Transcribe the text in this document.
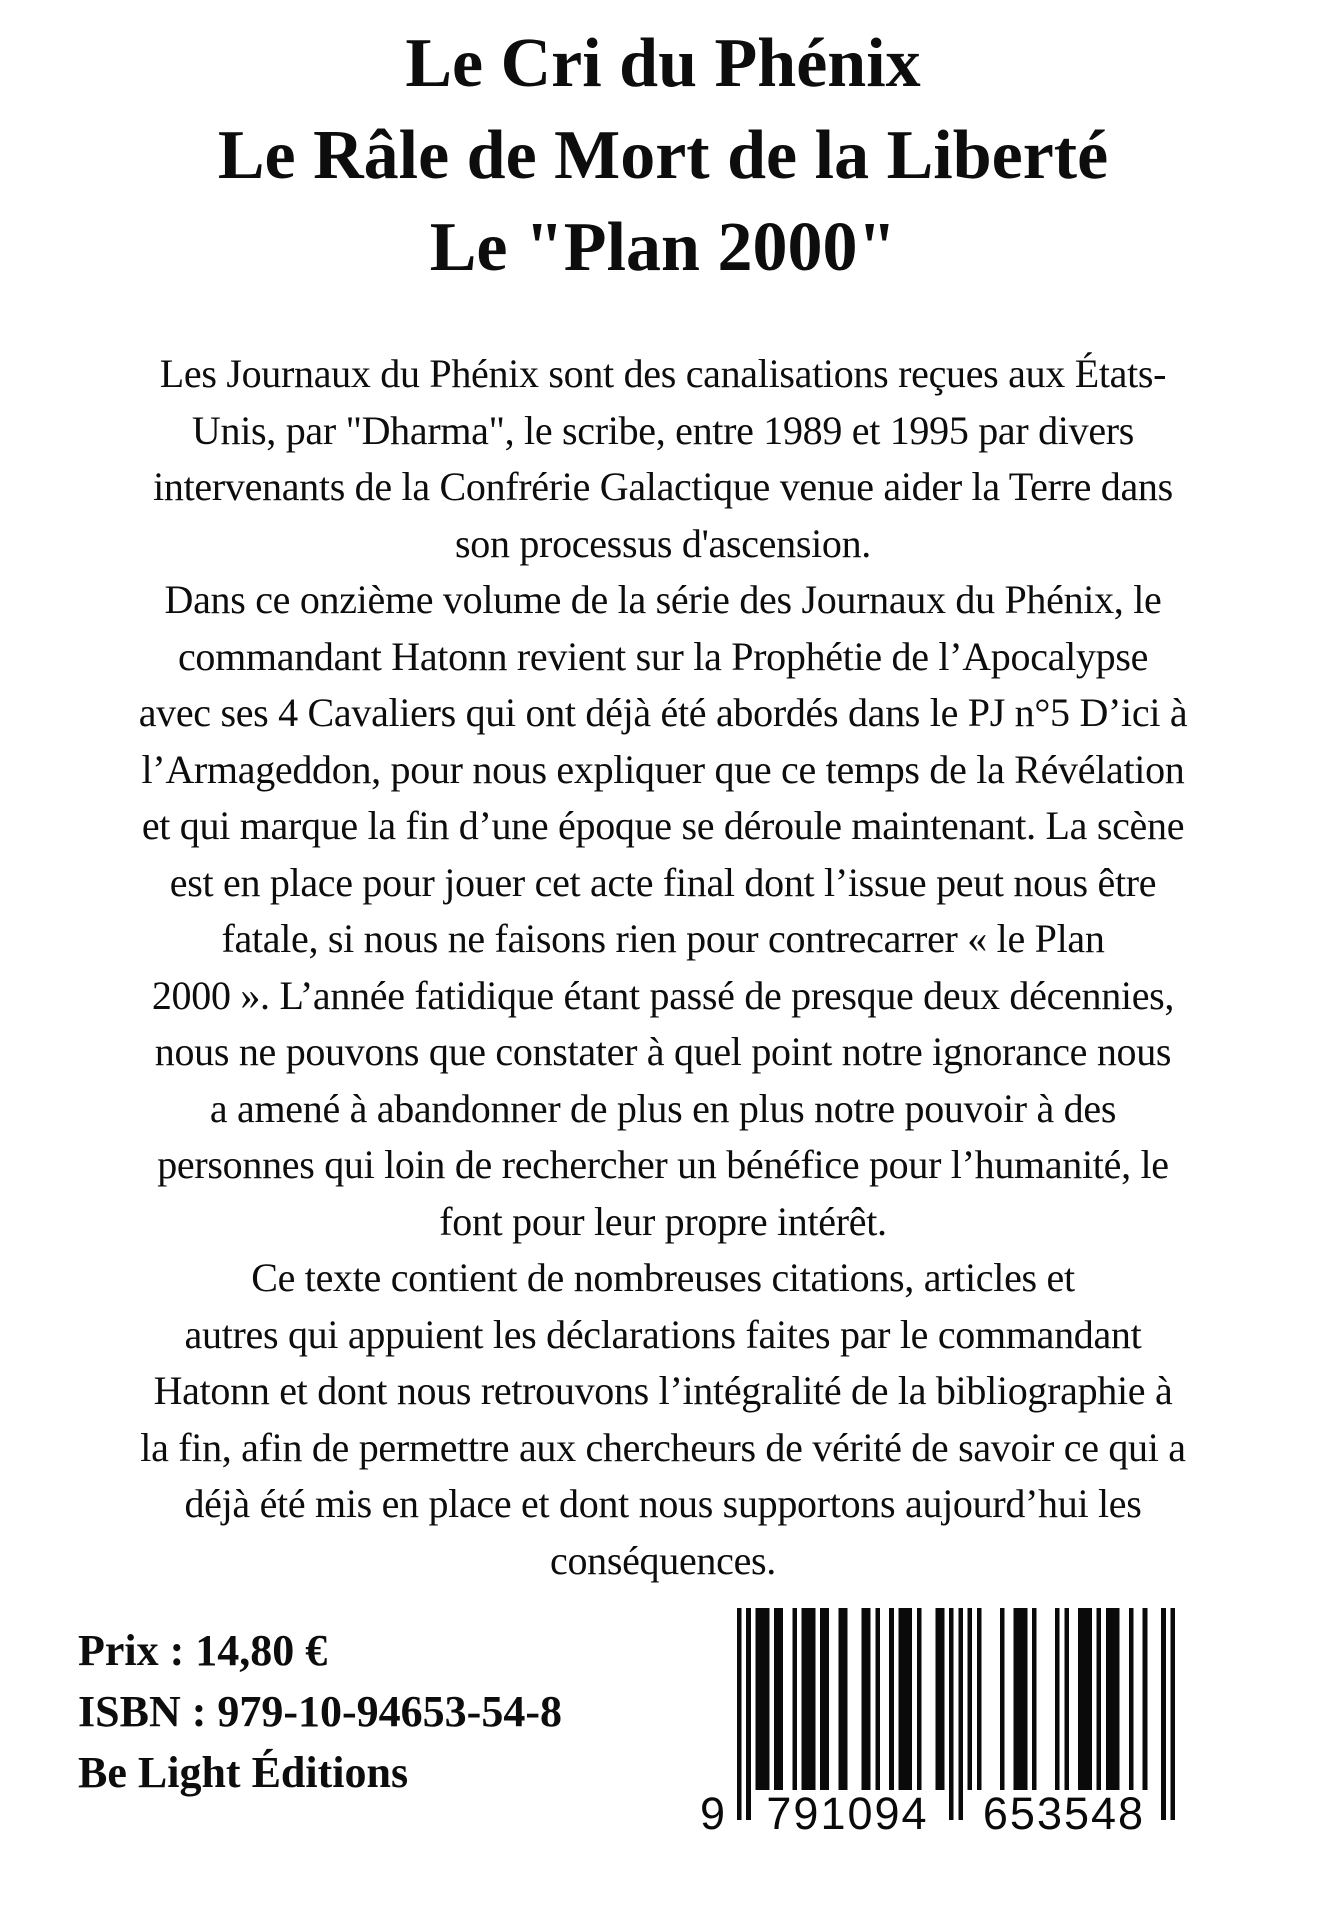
Le Cri du Phénix
Le Râle de Mort de la Liberté
Le "Plan 2000"
Les Journaux du Phénix sont des canalisations reçues aux États-
Unis, par "Dharma", le scribe, entre 1989 et 1995 par divers
intervenants de la Confrérie Galactique venue aider la Terre dans
son processus d'ascension.
Dans ce onzième volume de la série des Journaux du Phénix, le
commandant Hatonn revient sur la Prophétie de l’Apocalypse
avec ses 4 Cavaliers qui ont déjà été abordés dans le PJ n°5 D’ici à
l’Armageddon, pour nous expliquer que ce temps de la Révélation
et qui marque la fin d’une époque se déroule maintenant. La scène
est en place pour jouer cet acte final dont l’issue peut nous être
fatale, si nous ne faisons rien pour contrecarrer « le Plan
2000 ». L’année fatidique étant passé de presque deux décennies,
nous ne pouvons que constater à quel point notre ignorance nous
a amené à abandonner de plus en plus notre pouvoir à des
personnes qui loin de rechercher un bénéfice pour l’humanité, le
font pour leur propre intérêt.
Ce texte contient de nombreuses citations, articles et
autres qui appuient les déclarations faites par le commandant
Hatonn et dont nous retrouvons l’intégralité de la bibliographie à
la fin, afin de permettre aux chercheurs de vérité de savoir ce qui a
déjà été mis en place et dont nous supportons aujourd’hui les
conséquences.
Prix : 14,80 €
ISBN : 979-10-94653-54-8
Be Light Éditions
9 791094	653548
